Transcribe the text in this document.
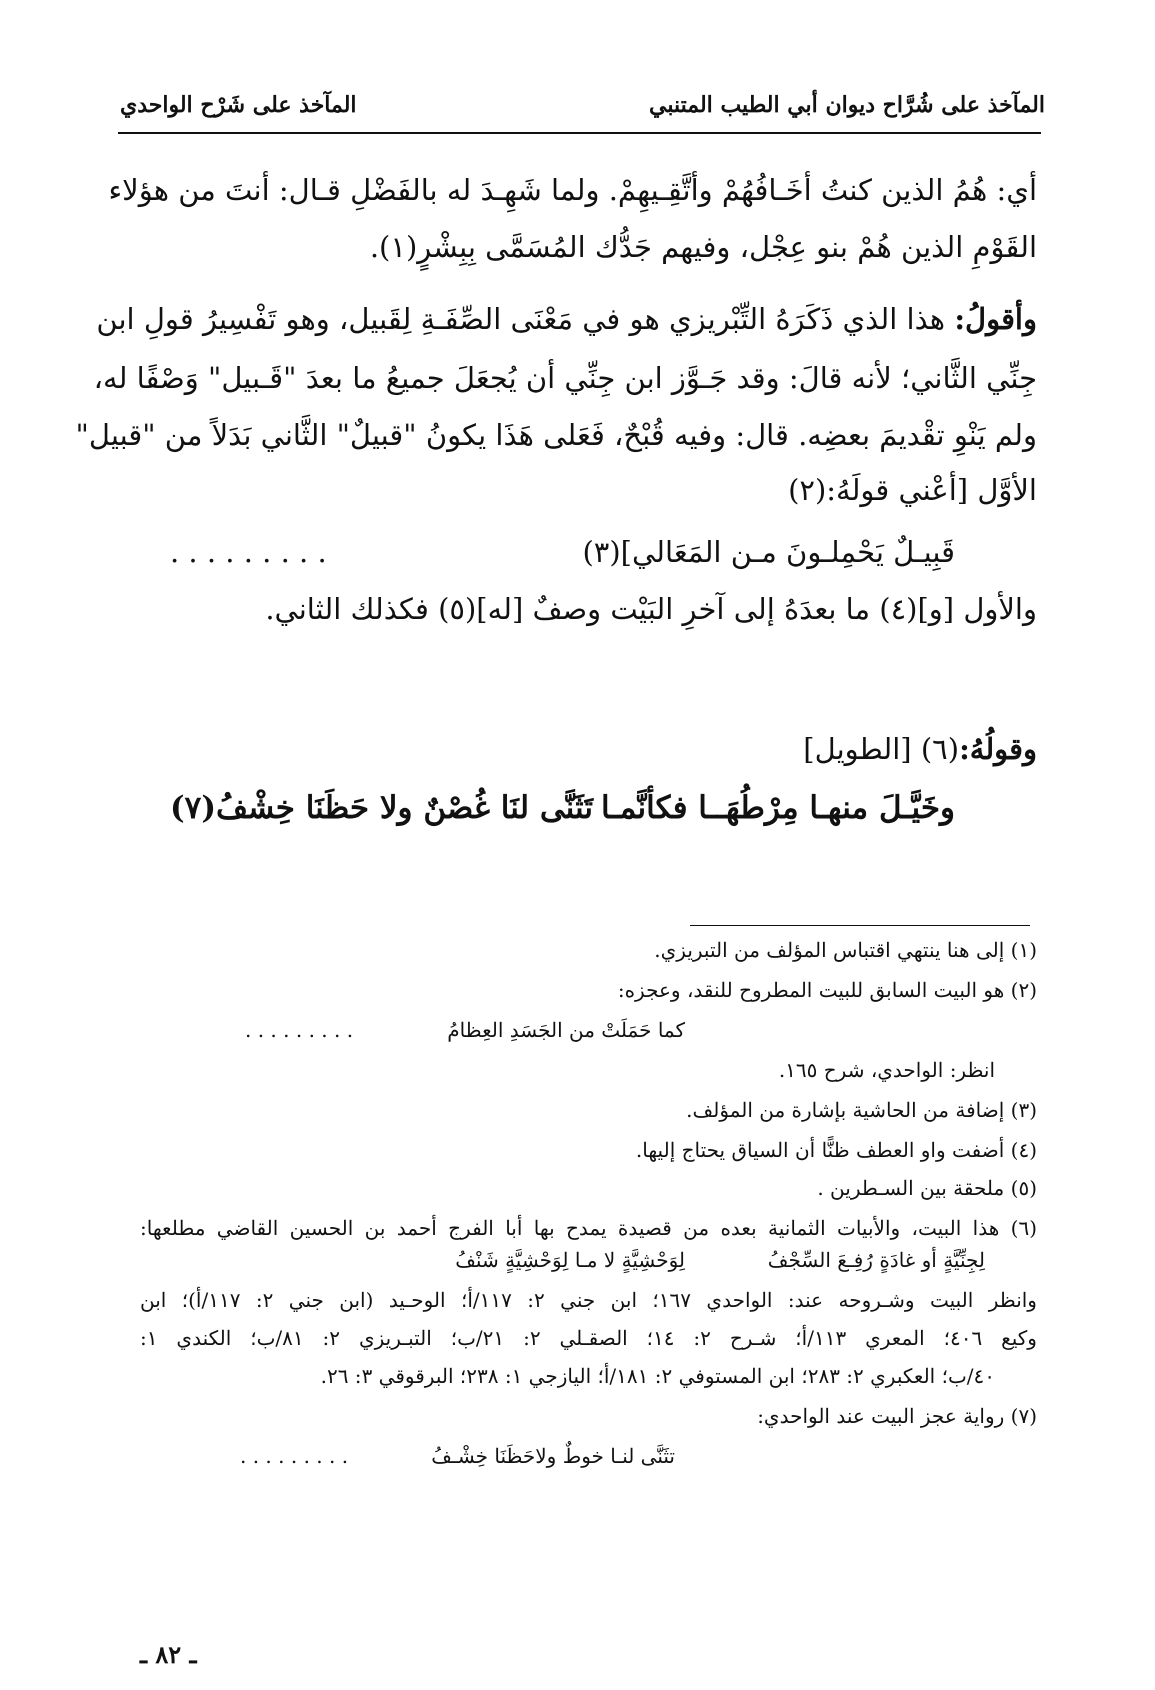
المآخذ على شُرَّاح ديوان أبي الطيب المتنبي
المآخذ على شَرْح الواحدي
أي: هُمُ الذين كنتُ أخَـافُهُمْ وأتَّقِـيهِمْ. ولما شَهِـدَ له بالفَضْلِ قـال: أنتَ من هؤلاء
القَوْمِ الذين هُمْ بنو عِجْل، وفيهم جَدُّك المُسَمَّى بِبِشْرٍ(١).
وأقولُ: هذا الذي ذَكَرَهُ التِّبْريزي هو في مَعْنَى الصِّفَـةِ لِقَبيل، وهو تَفْسِيرُ قولِ ابن
جِنِّي الثَّاني؛ لأنه قالَ: وقد جَـوَّز ابن جِنِّي أن يُجعَلَ جميعُ ما بعدَ "قَـبيل" وَصْفًا له،
ولم يَنْوِ تقْديمَ بعضِه. قال: وفيه قُبْحٌ، فَعَلى هَذَا يكونُ "قبيلٌ" الثَّاني بَدَلاً من "قبيل"
الأوَّل [أعْني قولَهُ:(٢)
قَبِيـلٌ يَحْمِلـونَ مـن المَعَالي](٣)
. . . . . . . . .
والأول [و](٤) ما بعدَهُ إلى آخرِ البَيْت وصفٌ [له](٥) فكذلك الثاني.
وقولُهُ:(٦) [الطويل]
وخَيَّـلَ منهـا مِرْطُهَــا فكأنَّمـا
تَثَنَّى لنَا غُصْنٌ ولا حَظَنَا خِشْفُ(٧)
(١) إلى هنا ينتهي اقتباس المؤلف من التبريزي.
(٢) هو البيت السابق للبيت المطروح للنقد، وعجزه:
كما حَمَلَتْ من الجَسَدِ العِظامُ
. . . . . . . . .
انظر: الواحدي، شرح ١٦٥.
(٣) إضافة من الحاشية بإشارة من المؤلف.
(٤) أضفت واو العطف ظنًّا أن السياق يحتاج إليها.
(٥) ملحقة بين السـطرين .
(٦) هذا البيت، والأبيات الثمانية بعده من قصيدة يمدح بها أبا الفرج أحمد بن الحسين القاضي مطلعها:
لِجِنِّيَّةٍ أو غادَةٍ رُفِـعَ السِّجْفُ
لِوَحْشِيَّةٍ لا مـا لِوَحْشِيَّةٍ شَنْفُ
وانظر البيت وشـروحه عند: الواحدي ١٦٧؛ ابن جني ٢: ١١٧/أ؛ الوحـيد (ابن جني ٢: ١١٧/أ)؛ ابن
وكيع ٤٠٦؛ المعري ١١٣/أ؛ شـرح ٢: ١٤؛ الصقـلي ٢: ٢١/ب؛ التبـريزي ٢: ٨١/ب؛ الكندي ١:
٤٠/ب؛ العكبري ٢: ٢٨٣؛ ابن المستوفي ٢: ١٨١/أ؛ اليازجي ١: ٢٣٨؛ البرقوقي ٣: ٢٦.
(٧) رواية عجز البيت عند الواحدي:
تثَنَّى لنـا خوطٌ ولاحَظَنَا خِشْـفُ
. . . . . . . . .
ـ ٨٢ ـ
